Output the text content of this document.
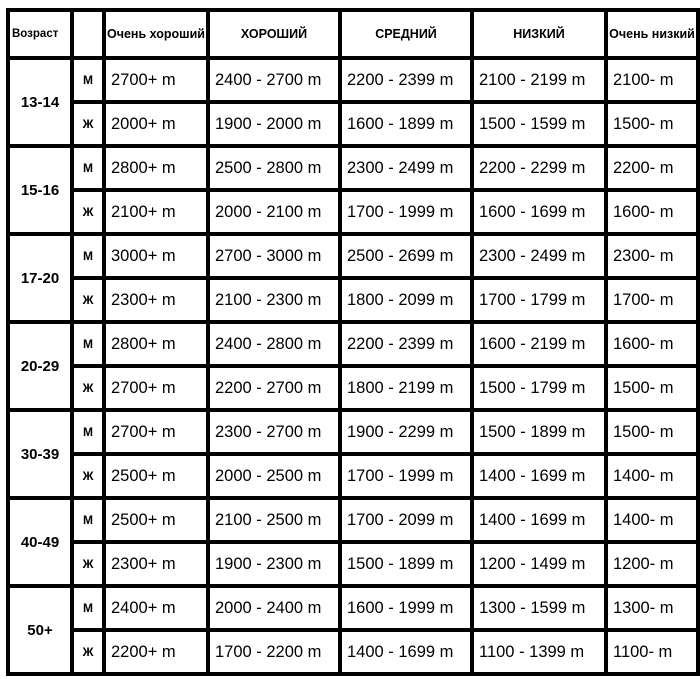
Возраст		Очень хороший	ХОРОШИЙ	СРЕДНИЙ	НИЗКИЙ	Очень низкий
13-14	М	2700+ m	2400 - 2700 m	2200 - 2399 m	2100 - 2199 m	2100- m
	Ж	2000+ m	1900 - 2000 m	1600 - 1899 m	1500 - 1599 m	1500- m
15-16	М	2800+ m	2500 - 2800 m	2300 - 2499 m	2200 - 2299 m	2200- m
	Ж	2100+ m	2000 - 2100 m	1700 - 1999 m	1600 - 1699 m	1600- m
17-20	М	3000+ m	2700 - 3000 m	2500 - 2699 m	2300 - 2499 m	2300- m
	Ж	2300+ m	2100 - 2300 m	1800 - 2099 m	1700 - 1799 m	1700- m
20-29	М	2800+ m	2400 - 2800 m	2200 - 2399 m	1600 - 2199 m	1600- m
	Ж	2700+ m	2200 - 2700 m	1800 - 2199 m	1500 - 1799 m	1500- m
30-39	М	2700+ m	2300 - 2700 m	1900 - 2299 m	1500 - 1899 m	1500- m
	Ж	2500+ m	2000 - 2500 m	1700 - 1999 m	1400 - 1699 m	1400- m
40-49	М	2500+ m	2100 - 2500 m	1700 - 2099 m	1400 - 1699 m	1400- m
	Ж	2300+ m	1900 - 2300 m	1500 - 1899 m	1200 - 1499 m	1200- m
50+	М	2400+ m	2000 - 2400 m	1600 - 1999 m	1300 - 1599 m	1300- m
	Ж	2200+ m	1700 - 2200 m	1400 - 1699 m	1100 - 1399 m	1100- m
